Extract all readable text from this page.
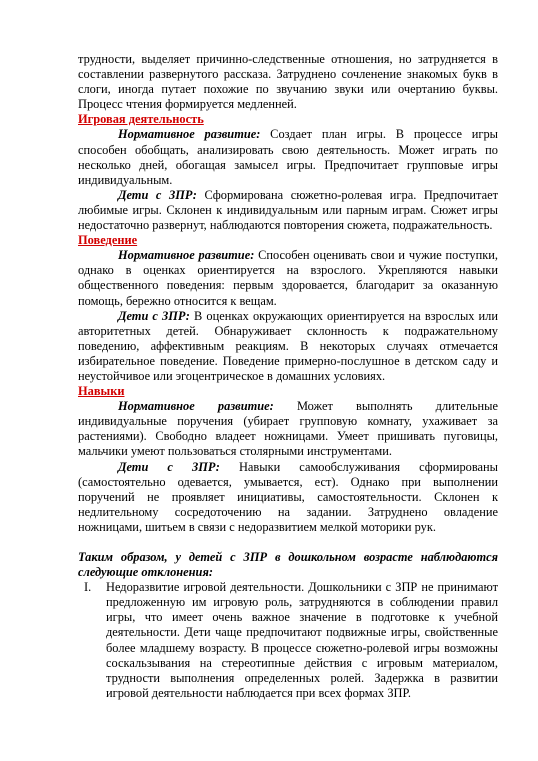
трудности, выделяет причинно-следственные отношения, но затрудняется в составлении развернутого рассказа. Затруднено сочленение знакомых букв в слоги, иногда путает похожие по звучанию звуки или очертанию буквы. Процесс чтения формируется медленней.

Игровая деятельность

Нормативное развитие: Создает план игры. В процессе игры способен обобщать, анализировать свою деятельность. Может играть по несколько дней, обогащая замысел игры. Предпочитает групповые игры индивидуальным.

Дети с ЗПР: Сформирована сюжетно-ролевая игра. Предпочитает любимые игры. Склонен к индивидуальным или парным играм. Сюжет игры недостаточно развернут, наблюдаются повторения сюжета, подражательность.

Поведение

Нормативное развитие: Способен оценивать свои и чужие поступки, однако в оценках ориентируется на взрослого. Укрепляются навыки общественного поведения: первым здоровается, благодарит за оказанную помощь, бережно относится к вещам.

Дети с ЗПР: В оценках окружающих ориентируется на взрослых или авторитетных детей. Обнаруживает склонность к подражательному поведению, аффективным реакциям. В некоторых случаях отмечается избирательное поведение. Поведение примерно-послушное в детском саду и неустойчивое или эгоцентрическое в домашних условиях.

Навыки

Нормативное развитие: Может выполнять длительные индивидуальные поручения (убирает групповую комнату, ухаживает за растениями). Свободно владеет ножницами. Умеет пришивать пуговицы, мальчики умеют пользоваться столярными инструментами.

Дети с ЗПР: Навыки самообслуживания сформированы (самостоятельно одевается, умывается, ест). Однако при выполнении поручений не проявляет инициативы, самостоятельности. Склонен к недлительному сосредоточению на задании. Затруднено овладение ножницами, шитьем в связи с недоразвитием мелкой моторики рук.

Таким образом, у детей с ЗПР в дошкольном возрасте наблюдаются следующие отклонения:

I. Недоразвитие игровой деятельности. Дошкольники с ЗПР не принимают предложенную им игровую роль, затрудняются в соблюдении правил игры, что имеет очень важное значение в подготовке к учебной деятельности. Дети чаще предпочитают подвижные игры, свойственные более младшему возрасту. В процессе сюжетно-ролевой игры возможны соскальзывания на стереотипные действия с игровым материалом, трудности выполнения определенных ролей. Задержка в развитии игровой деятельности наблюдается при всех формах ЗПР.
